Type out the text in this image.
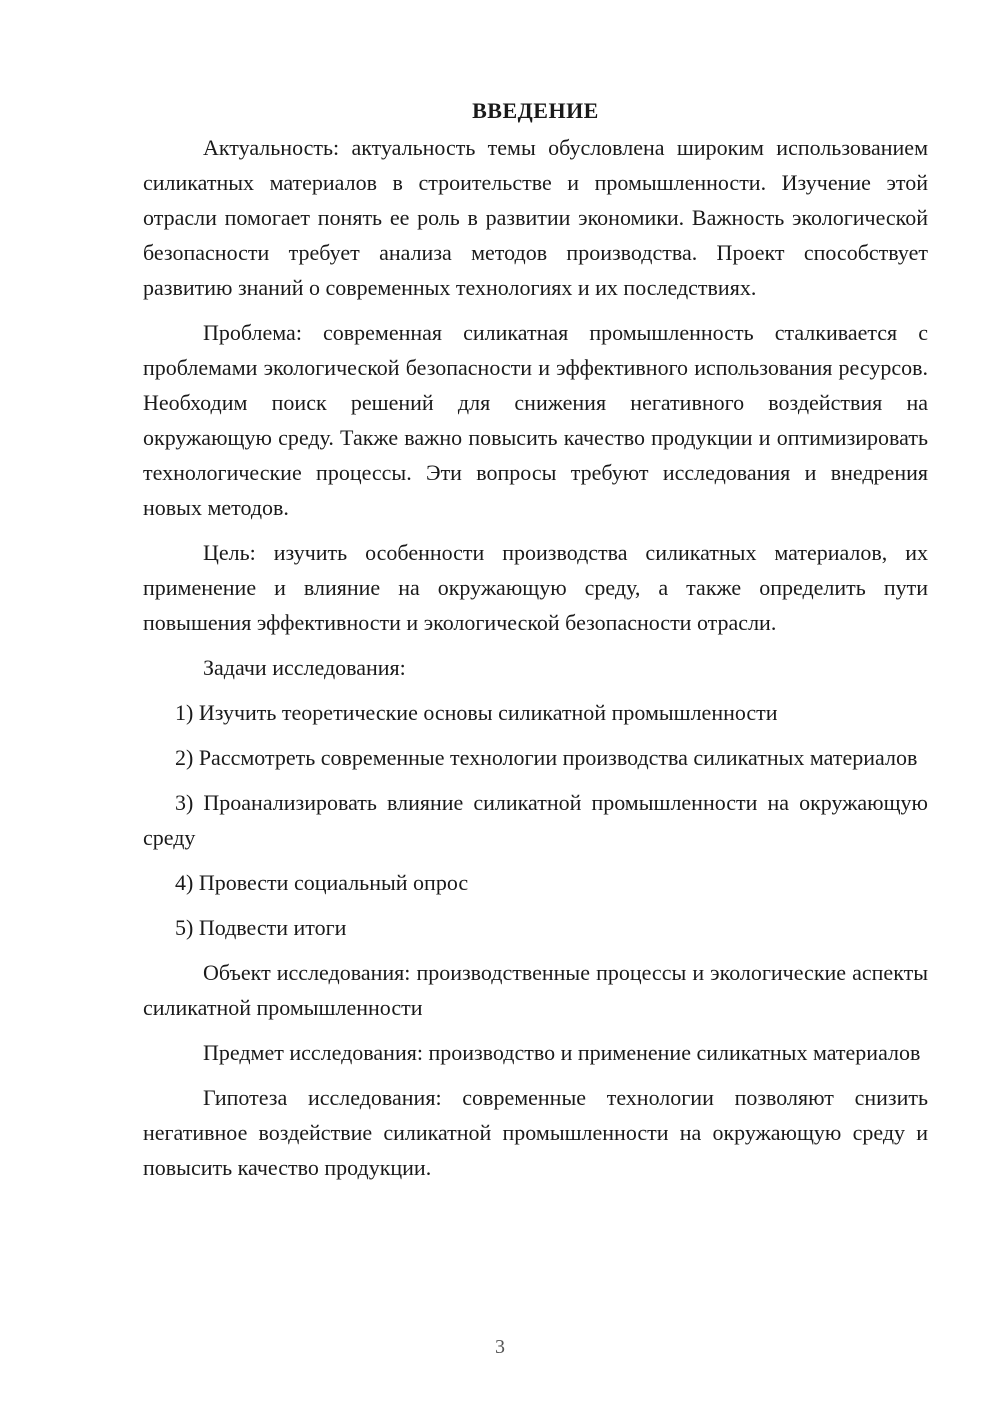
ВВЕДЕНИЕ

Актуальность: актуальность темы обусловлена широким использованием силикатных материалов в строительстве и промышленности. Изучение этой отрасли помогает понять ее роль в развитии экономики. Важность экологической безопасности требует анализа методов производства. Проект способствует развитию знаний о современных технологиях и их последствиях.

Проблема: современная силикатная промышленность сталкивается с проблемами экологической безопасности и эффективного использования ресурсов. Необходим поиск решений для снижения негативного воздействия на окружающую среду. Также важно повысить качество продукции и оптимизировать технологические процессы. Эти вопросы требуют исследования и внедрения новых методов.

Цель: изучить особенности производства силикатных материалов, их применение и влияние на окружающую среду, а также определить пути повышения эффективности и экологической безопасности отрасли.

Задачи исследования:

1) Изучить теоретические основы силикатной промышленности

2) Рассмотреть современные технологии производства силикатных материалов

3) Проанализировать влияние силикатной промышленности на окружающую среду

4) Провести социальный опрос

5) Подвести итоги

Объект исследования: производственные процессы и экологические аспекты силикатной промышленности

Предмет исследования: производство и применение силикатных материалов

Гипотеза исследования: современные технологии позволяют снизить негативное воздействие силикатной промышленности на окружающую среду и повысить качество продукции.

3
